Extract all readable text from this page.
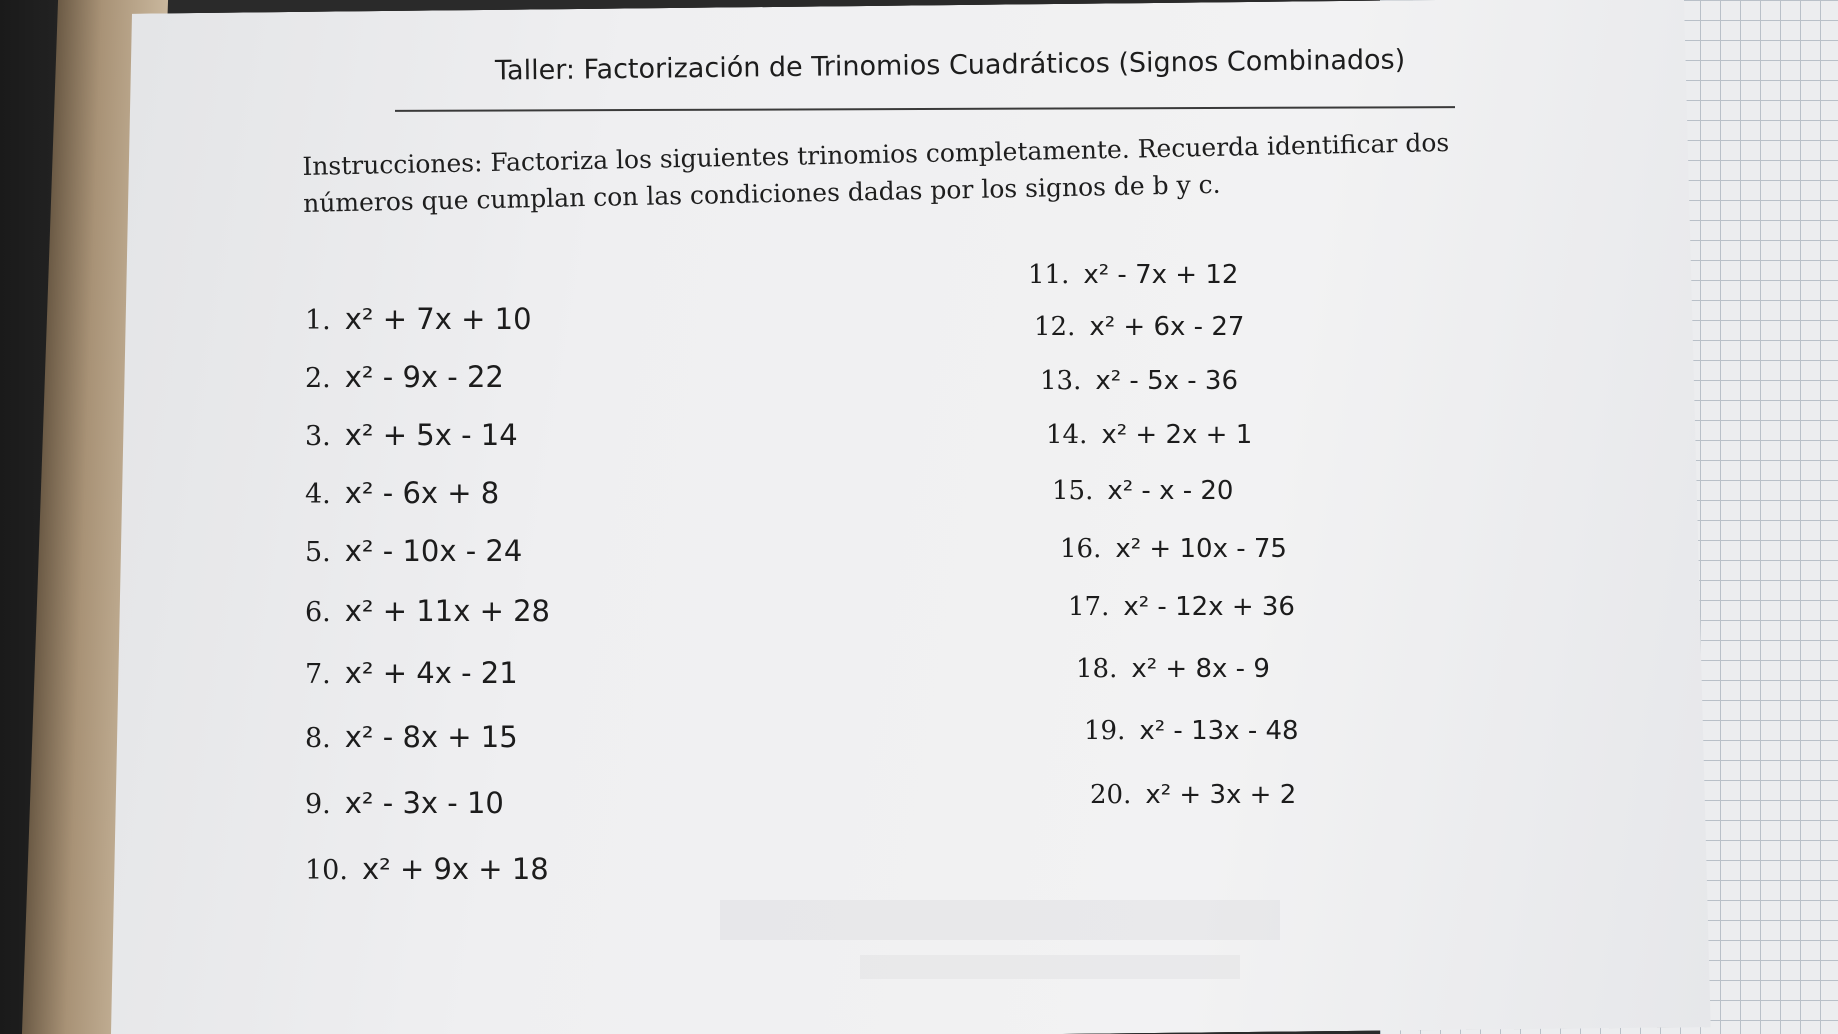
Taller: Factorización de Trinomios Cuadráticos (Signos Combinados)
Instrucciones: Factoriza los siguientes trinomios completamente. Recuerda identificar dos números que cumplan con las condiciones dadas por los signos de b y c.
1. x² + 7x + 10
2. x² - 9x - 22
3. x² + 5x - 14
4. x² - 6x + 8
5. x² - 10x - 24
6. x² + 11x + 28
7. x² + 4x - 21
8. x² - 8x + 15
9. x² - 3x - 10
10. x² + 9x + 18
11. x² - 7x + 12
12. x² + 6x - 27
13. x² - 5x - 36
14. x² + 2x + 1
15. x² - x - 20
16. x² + 10x - 75
17. x² - 12x + 36
18. x² + 8x - 9
19. x² - 13x - 48
20. x² + 3x + 2
